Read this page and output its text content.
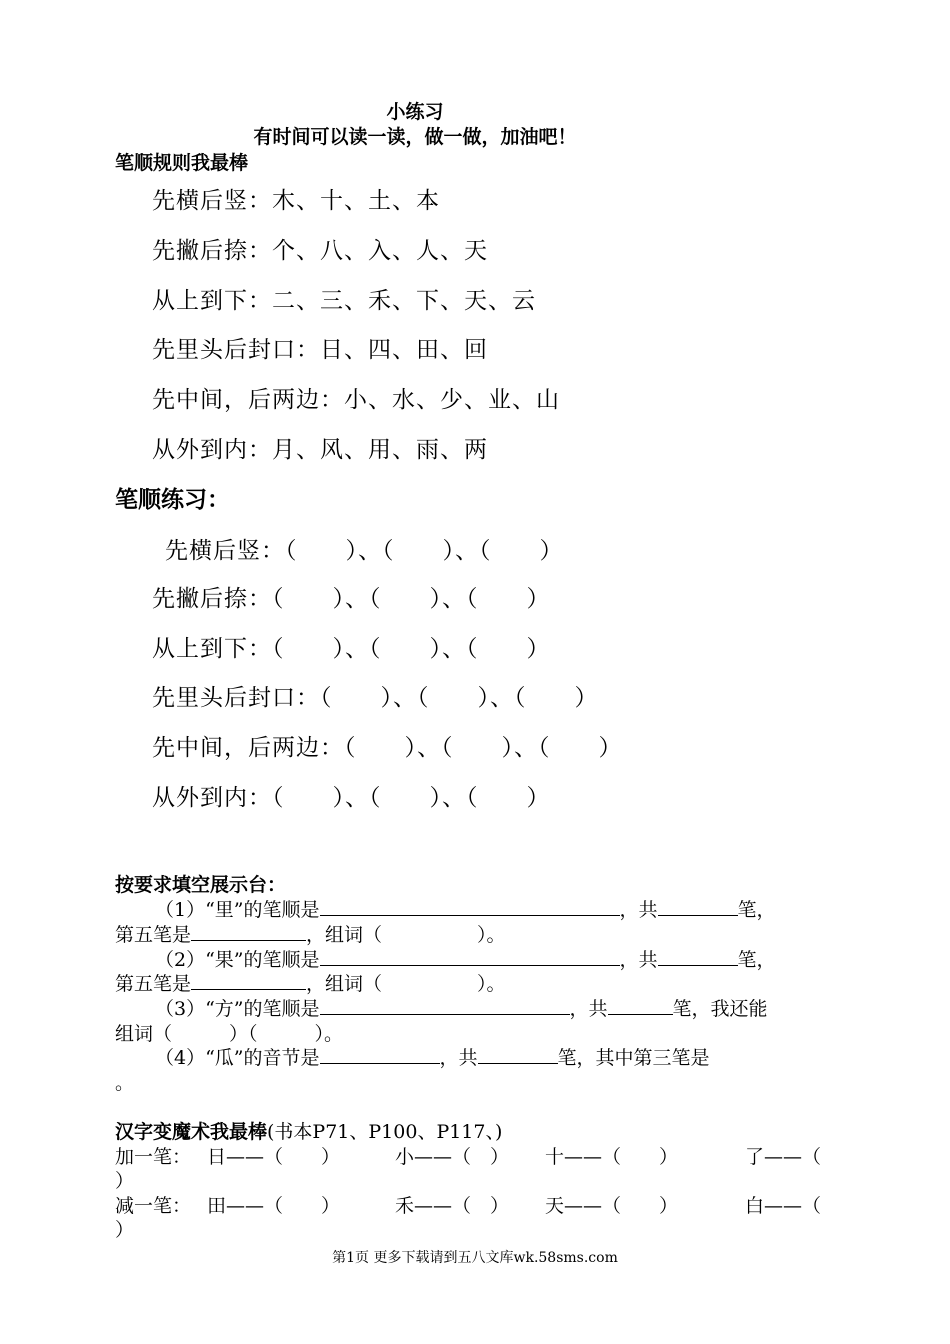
小练习
有时间可以读一读，做一做，加油吧！
笔顺规则我最棒
先横后竖：木、十、土、本
先撇后捺：个、八、入、人、天
从上到下：二、三、禾、下、天、云
先里头后封口：日、四、田、回
先中间，后两边：小、水、少、业、山
从外到内：月、风、用、雨、两
笔顺练习：
先横后竖：（　　）、（　　）、（　　）
先撇后捺：（　　）、（　　）、（　　）
从上到下：（　　）、（　　）、（　　）
先里头后封口：（　　）、（　　）、（　　）
先中间，后两边：（　　）、（　　）、（　　）
从外到内：（　　）、（　　）、（　　）
按要求填空展示台：
（1）“里”的笔顺是	，共	笔，
第五笔是	，组词（　　　　　）。
（2）“果”的笔顺是	，共	笔，
第五笔是	，组词（　　　　　）。
（3）“方”的笔顺是	，共	笔，我还能
组词（　　　）（　　　）。
（4）“瓜”的音节是	，共	笔，其中第三笔是
。
汉字变魔术我最棒(书本P71、P100、P117、)
加一笔： 日——（　　）	小——（　） 十——（　　）	了——（
）
减一笔： 田——（　　）	禾——（　） 天——（　　）	白——（
）
第1页 更多下载请到五八文库wk.58sms.com
